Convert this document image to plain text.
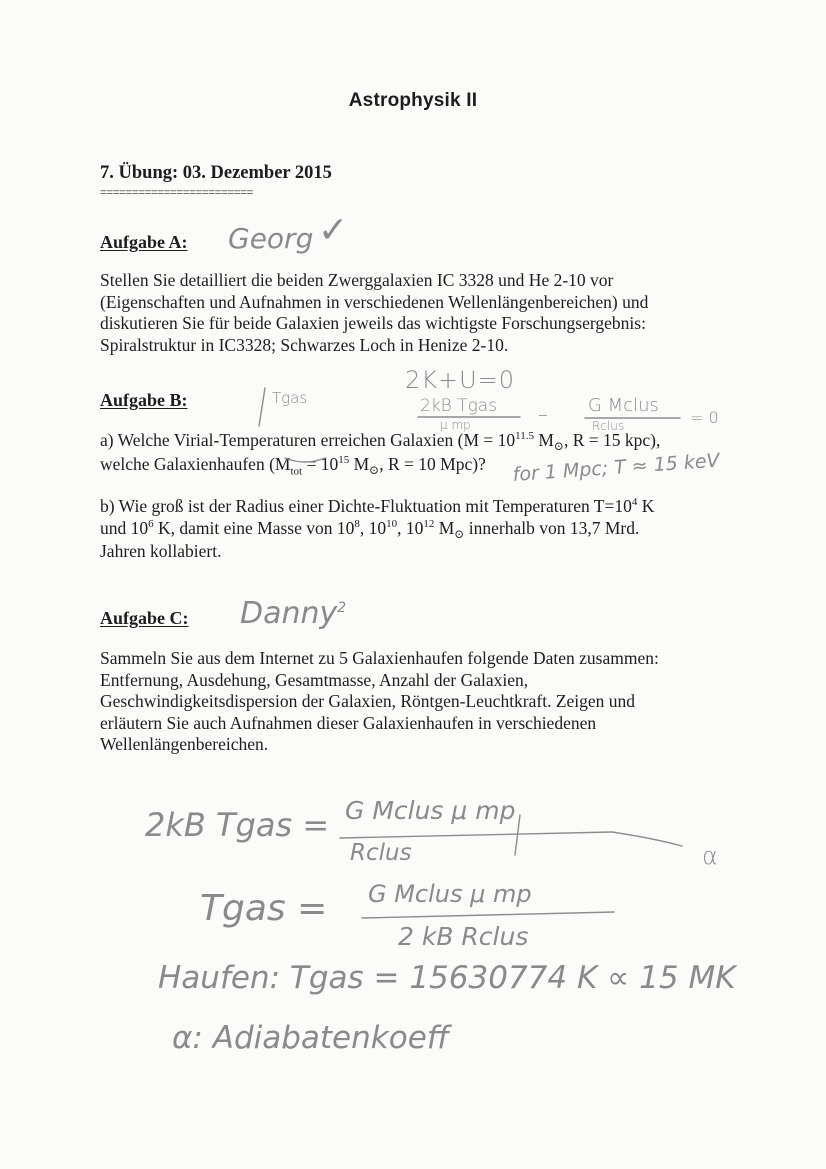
Astrophysik II
7. Übung: 03. Dezember 2015
========================
Aufgabe A:
Stellen Sie detailliert die beiden Zwerggalaxien IC 3328 und He 2-10 vor
(Eigenschaften und Aufnahmen in verschiedenen Wellenlängenbereichen) und
diskutieren Sie für beide Galaxien jeweils das wichtigste Forschungsergebnis:
Spiralstruktur in IC3328; Schwarzes Loch in Henize 2-10.
Aufgabe B:
a) Welche Virial-Temperaturen erreichen Galaxien ($M = 10^{11.5}$ $M_⊙$, R = 15 kpc),
welche Galaxienhaufen ($M_{tot} = 10^{15}$ $M_⊙$, R = 10 Mpc)?
b) Wie groß ist der Radius einer Dichte-Fluktuation mit Temperaturen $T=10^4$ K
und $10^6$ K, damit eine Masse von $10^8$, $10^{10}$, $10^{12}$ $M_⊙$ innerhalb von 13,7 Mrd.
Jahren kollabiert.
Aufgabe C:
Sammeln Sie aus dem Internet zu 5 Galaxienhaufen folgende Daten zusammen:
Entfernung, Ausdehung, Gesamtmasse, Anzahl der Galaxien,
Geschwindigkeitsdispersion der Galaxien, Röntgen-Leuchtkraft. Zeigen und
erläutern Sie auch Aufnahmen dieser Galaxienhaufen in verschiedenen
Wellenlängenbereichen.
Georg ✓
2K+U=0
Tgas	2kB Tgas
μ mp	– G Mclus
Rclus	= 0
for 1 Mpc; T ≈ 15 keV
Danny$^2$
2kB Tgas = G Mclus μ mp
Rclus	α
Tgas = G Mclus μ mp
2 kB Rclus
Haufen: Tgas = 15630774 K ∝ 15 MK
α: Adiabatenkoeff
